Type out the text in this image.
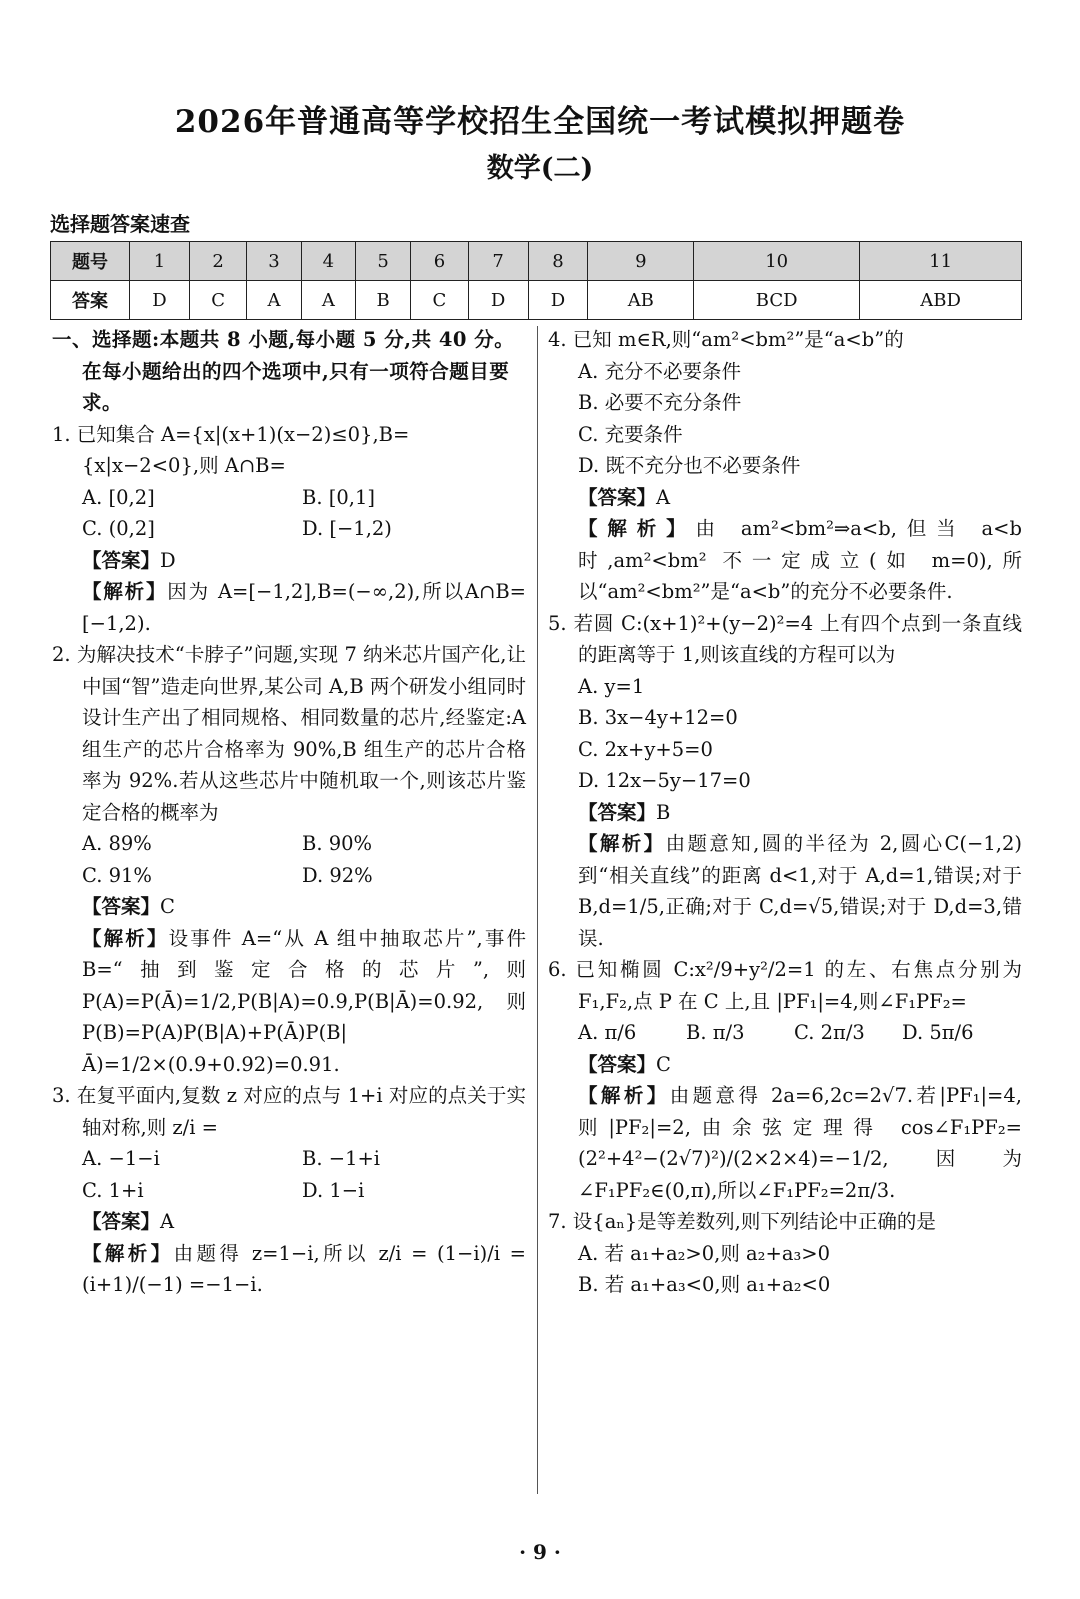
2026年普通高等学校招生全国统一考试模拟押题卷
数学(二)
选择题答案速查
题号	1	2	3	4	5	6	7	8	9	10	11
答案	D	C	A	A	B	C	D	D	AB	BCD	ABD
一、选择题:本题共 8 小题,每小题 5 分,共 40 分。在每小题给出的四个选项中,只有一项符合题目要求。
1. 已知集合 A={x|(x+1)(x−2)≤0},B={x|x−2<0},则 A∩B=
A. [0,2]	B. [0,1]
C. (0,2]	D. [−1,2)
【答案】D
【解析】因为 A=[−1,2],B=(−∞,2),所以A∩B=[−1,2).
2. 为解决技术“卡脖子”问题,实现 7 纳米芯片国产化,让中国“智”造走向世界,某公司 A,B 两个研发小组同时设计生产出了相同规格、相同数量的芯片,经鉴定:A 组生产的芯片合格率为 90%,B 组生产的芯片合格率为 92%.若从这些芯片中随机取一个,则该芯片鉴定合格的概率为
A. 89%	B. 90%
C. 91%	D. 92%
【答案】C
【解析】设事件 A=“从 A 组中抽取芯片”,事件 B=“抽到鉴定合格的芯片”,则 P(A)=P(Ā)=1/2,P(B|A)=0.9,P(B|Ā)=0.92,则 P(B)=P(A)P(B|A)+P(Ā)P(B|Ā)=1/2×(0.9+0.92)=0.91.
3. 在复平面内,复数 z 对应的点与 1+i 对应的点关于实轴对称,则 z/i =
A. −1−i	B. −1+i
C. 1+i	D. 1−i
【答案】A
【解析】由题得 z=1−i,所以 z/i = (1−i)/i = (i+1)/(−1) =−1−i.
4. 已知 m∈R,则“am²<bm²”是“a<b”的
A. 充分不必要条件
B. 必要不充分条件
C. 充要条件
D. 既不充分也不必要条件
【答案】A
【解析】由 am²<bm²⇒a<b,但当 a<b 时,am²<bm² 不一定成立(如 m=0),所以“am²<bm²”是“a<b”的充分不必要条件.
5. 若圆 C:(x+1)²+(y−2)²=4 上有四个点到一条直线的距离等于 1,则该直线的方程可以为
A. y=1
B. 3x−4y+12=0
C. 2x+y+5=0
D. 12x−5y−17=0
【答案】B
【解析】由题意知,圆的半径为 2,圆心C(−1,2)到“相关直线”的距离 d<1,对于 A,d=1,错误;对于 B,d=1/5,正确;对于 C,d=√5,错误;对于 D,d=3,错误.
6. 已知椭圆 C:x²/9+y²/2=1 的左、右焦点分别为 F₁,F₂,点 P 在 C 上,且 |PF₁|=4,则∠F₁PF₂=
A. π/6	B. π/3	C. 2π/3	D. 5π/6
【答案】C
【解析】由题意得 2a=6,2c=2√7.若|PF₁|=4,则|PF₂|=2,由余弦定理得 cos∠F₁PF₂=(2²+4²−(2√7)²)/(2×2×4)=−1/2,因为∠F₁PF₂∈(0,π),所以∠F₁PF₂=2π/3.
7. 设{aₙ}是等差数列,则下列结论中正确的是
A. 若 a₁+a₂>0,则 a₂+a₃>0
B. 若 a₁+a₃<0,则 a₁+a₂<0
· 9 ·
